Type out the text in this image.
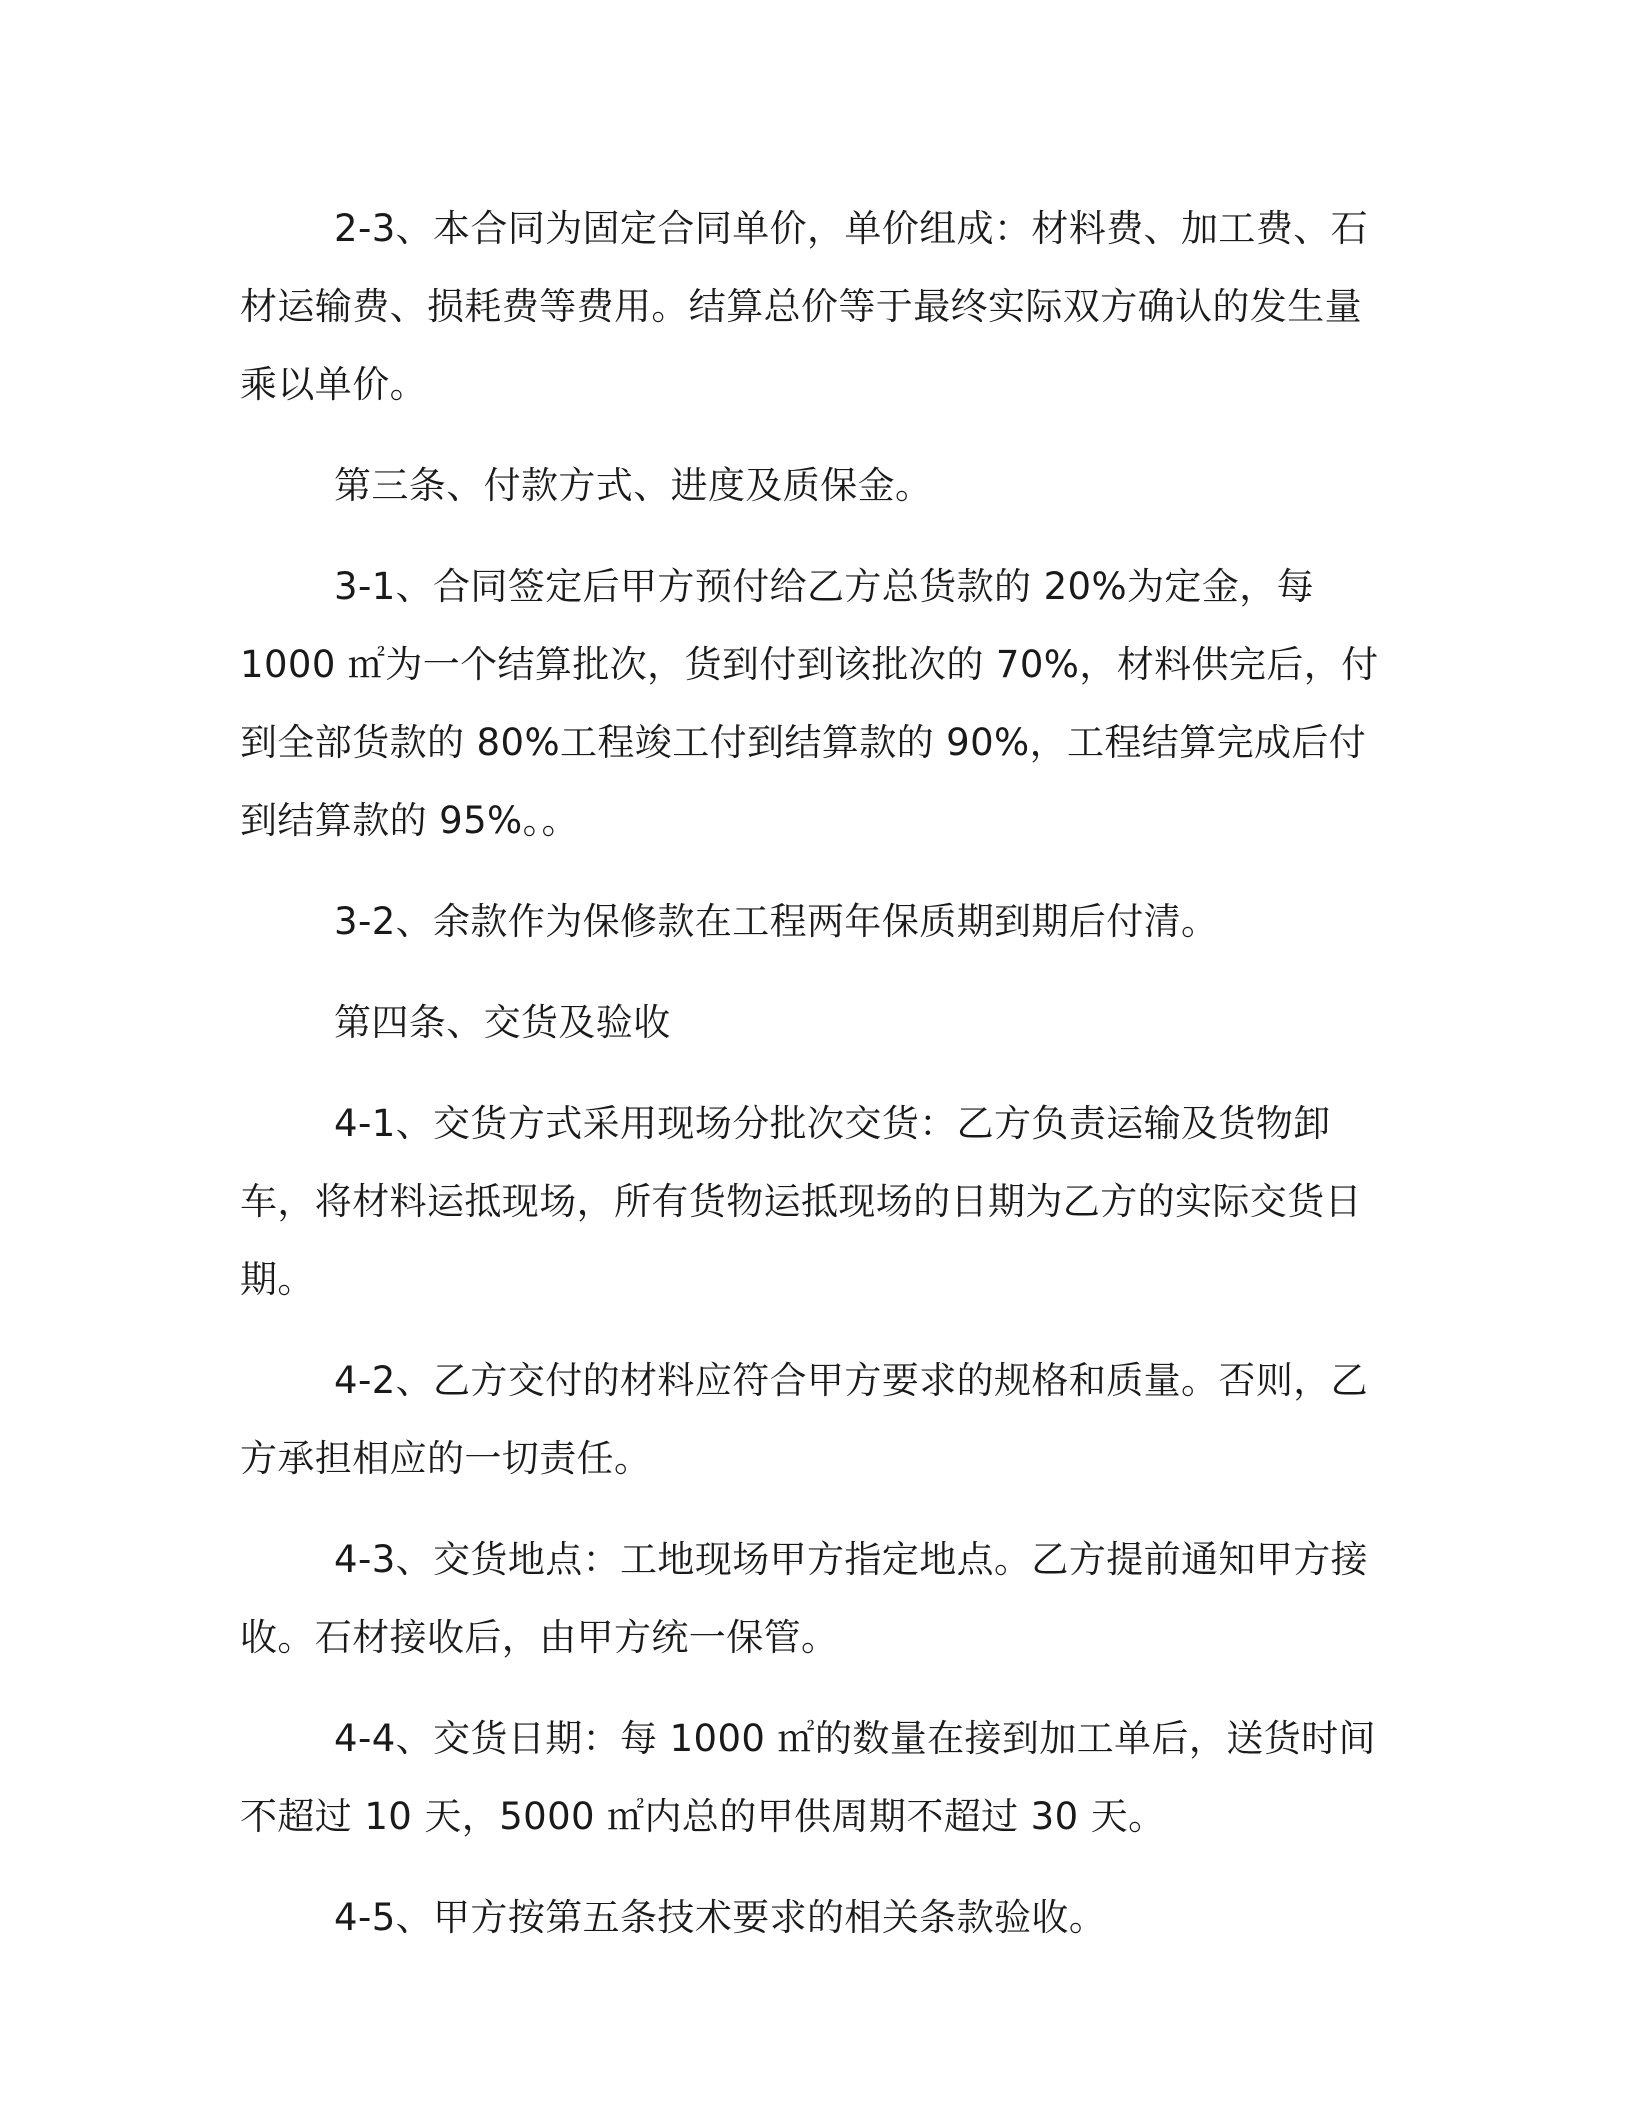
2-3、本合同为固定合同单价，单价组成：材料费、加工费、石材运输费、损耗费等费用。结算总价等于最终实际双方确认的发生量乘以单价。

第三条、付款方式、进度及质保金。

3-1、合同签定后甲方预付给乙方总货款的 20%为定金，每 1000 ㎡为一个结算批次，货到付到该批次的 70%，材料供完后，付到全部货款的 80%工程竣工付到结算款的 90%，工程结算完成后付到结算款的 95%。。

3-2、余款作为保修款在工程两年保质期到期后付清。

第四条、交货及验收

4-1、交货方式采用现场分批次交货：乙方负责运输及货物卸车，将材料运抵现场，所有货物运抵现场的日期为乙方的实际交货日期。

4-2、乙方交付的材料应符合甲方要求的规格和质量。否则，乙方承担相应的一切责任。

4-3、交货地点：工地现场甲方指定地点。乙方提前通知甲方接收。石材接收后，由甲方统一保管。

4-4、交货日期：每 1000 ㎡的数量在接到加工单后，送货时间不超过 10 天，5000 ㎡内总的甲供周期不超过 30 天。

4-5、甲方按第五条技术要求的相关条款验收。
